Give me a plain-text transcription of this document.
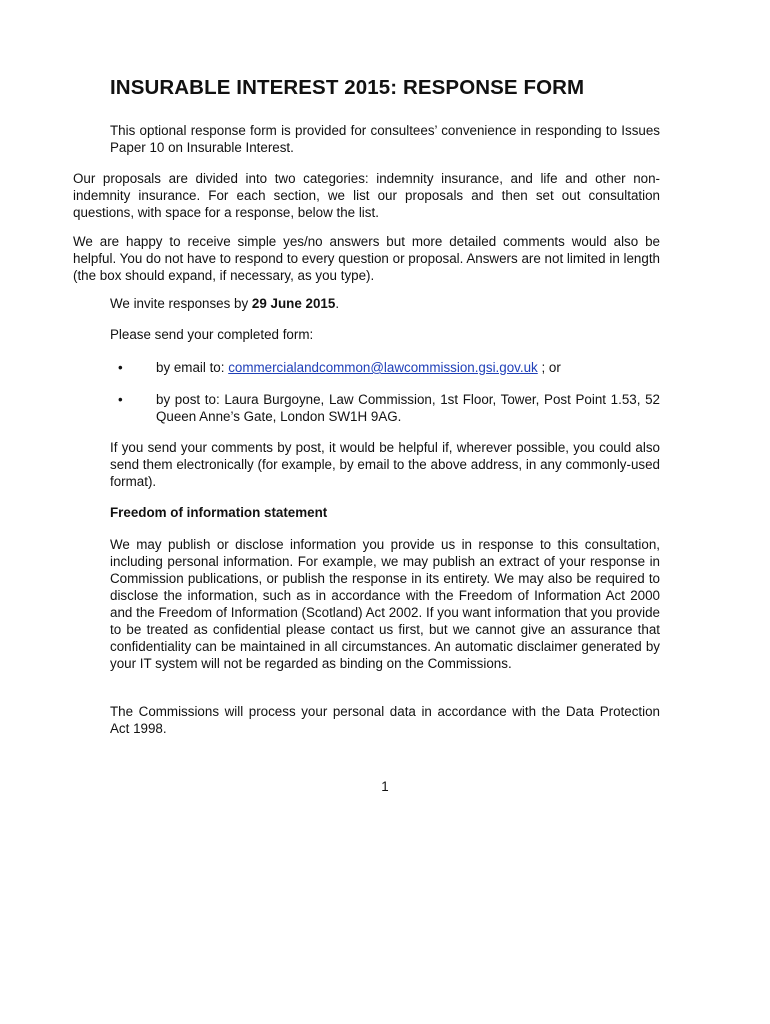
INSURABLE INTEREST 2015: RESPONSE FORM

This optional response form is provided for consultees’ convenience in responding to Issues Paper 10 on Insurable Interest.

Our proposals are divided into two categories: indemnity insurance, and life and other non-indemnity insurance. For each section, we list our proposals and then set out consultation questions, with space for a response, below the list.

We are happy to receive simple yes/no answers but more detailed comments would also be helpful. You do not have to respond to every question or proposal. Answers are not limited in length (the box should expand, if necessary, as you type).

We invite responses by 29 June 2015.

Please send your completed form:

• by email to: commercialandcommon@lawcommission.gsi.gov.uk ; or

• by post to: Laura Burgoyne, Law Commission, 1st Floor, Tower, Post Point 1.53, 52 Queen Anne’s Gate, London SW1H 9AG.

If you send your comments by post, it would be helpful if, wherever possible, you could also send them electronically (for example, by email to the above address, in any commonly-used format).

Freedom of information statement

We may publish or disclose information you provide us in response to this consultation, including personal information. For example, we may publish an extract of your response in Commission publications, or publish the response in its entirety. We may also be required to disclose the information, such as in accordance with the Freedom of Information Act 2000 and the Freedom of Information (Scotland) Act 2002. If you want information that you provide to be treated as confidential please contact us first, but we cannot give an assurance that confidentiality can be maintained in all circumstances. An automatic disclaimer generated by your IT system will not be regarded as binding on the Commissions.

The Commissions will process your personal data in accordance with the Data Protection Act 1998.

1
